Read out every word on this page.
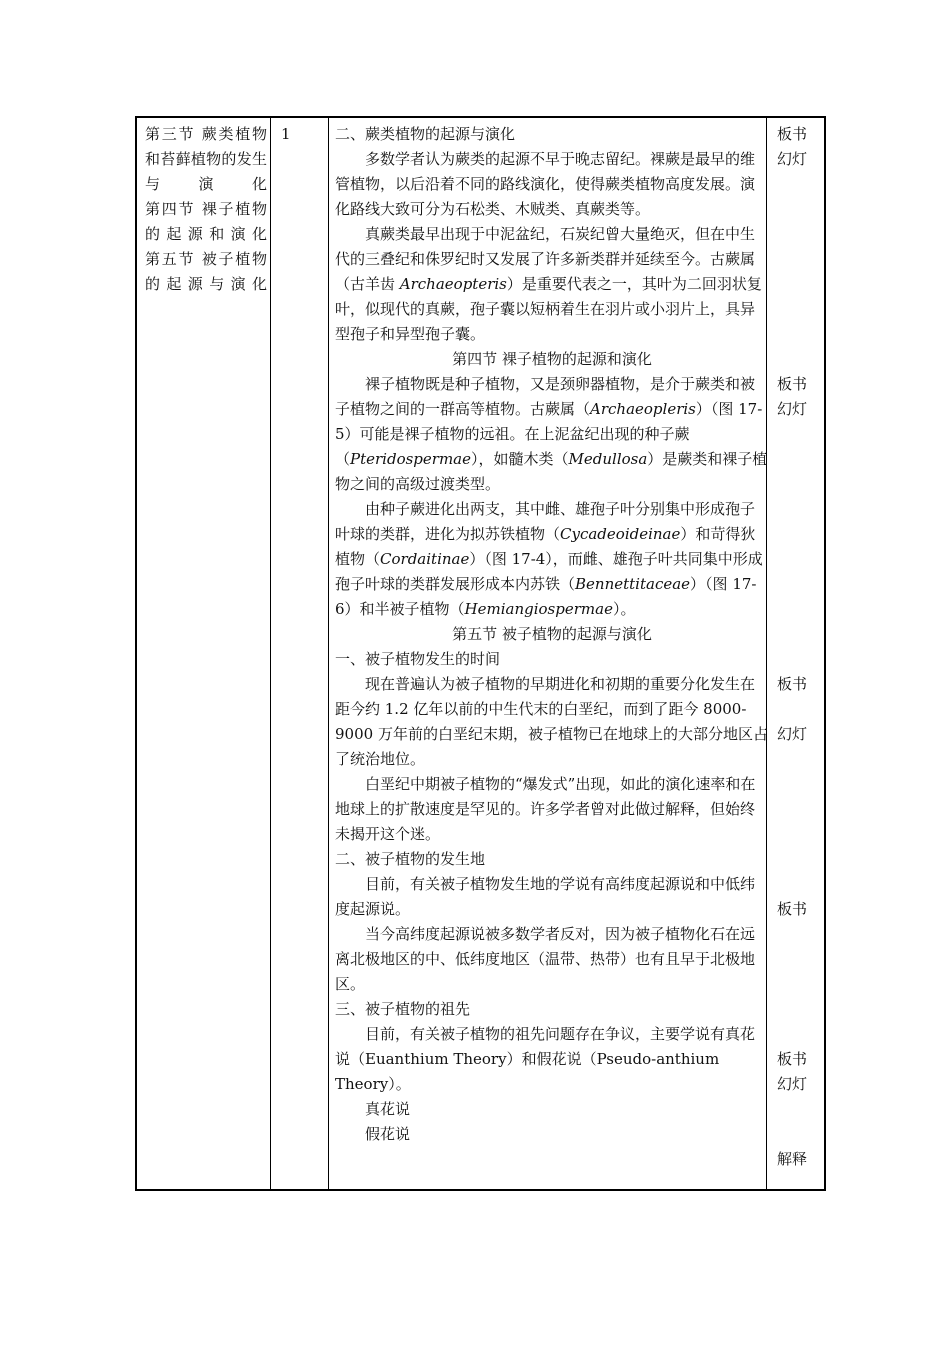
第三节 蕨类植物和苔藓植物的发生与演化

第四节 裸子植物的起源和演化

第五节 被子植物的起源与演化

1	二、蕨类植物的起源与演化

多数学者认为蕨类的起源不早于晚志留纪。裸蕨是最早的维管植物，以后沿着不同的路线演化，使得蕨类植物高度发展。演化路线大致可分为石松类、木贼类、真蕨类等。

真蕨类最早出现于中泥盆纪，石炭纪曾大量绝灭，但在中生代的三叠纪和侏罗纪时又发展了许多新类群并延续至今。古蕨属（古羊齿 Archaeopteris）是重要代表之一，其叶为二回羽状复叶，似现代的真蕨，孢子囊以短柄着生在羽片或小羽片上，具异型孢子和异型孢子囊。

第四节 裸子植物的起源和演化

裸子植物既是种子植物，又是颈卵器植物，是介于蕨类和被子植物之间的一群高等植物。古蕨属（Archaeopleris）（图 17-5）可能是裸子植物的远祖。在上泥盆纪出现的种子蕨（Pteridospermae），如髓木类（Medullosa）是蕨类和裸子植物之间的高级过渡类型。

由种子蕨进化出两支，其中雌、雄孢子叶分别集中形成孢子叶球的类群，进化为拟苏铁植物（Cycadeoideinae）和苛得狄植物（Cordaitinae）（图 17-4），而雌、雄孢子叶共同集中形成孢子叶球的类群发展形成本内苏铁（Bennettitaceae）（图 17-6）和半被子植物（Hemiangiospermae）。

第五节 被子植物的起源与演化

一、被子植物发生的时间

现在普遍认为被子植物的早期进化和初期的重要分化发生在距今约 1.2 亿年以前的中生代末的白垩纪，而到了距今 8000-9000 万年前的白垩纪末期，被子植物已在地球上的大部分地区占了统治地位。

白垩纪中期被子植物的“爆发式”出现，如此的演化速率和在地球上的扩散速度是罕见的。许多学者曾对此做过解释，但始终未揭开这个迷。

二、被子植物的发生地

目前，有关被子植物发生地的学说有高纬度起源说和中低纬度起源说。

当今高纬度起源说被多数学者反对，因为被子植物化石在远离北极地区的中、低纬度地区（温带、热带）也有且早于北极地区。

三、被子植物的祖先

目前，有关被子植物的祖先问题存在争议，主要学说有真花说（Euanthium Theory）和假花说（Pseudo-anthium Theory）。

真花说

假花说

板书
幻灯
板书
幻灯
板书
幻灯
板书
板书
幻灯
解释
